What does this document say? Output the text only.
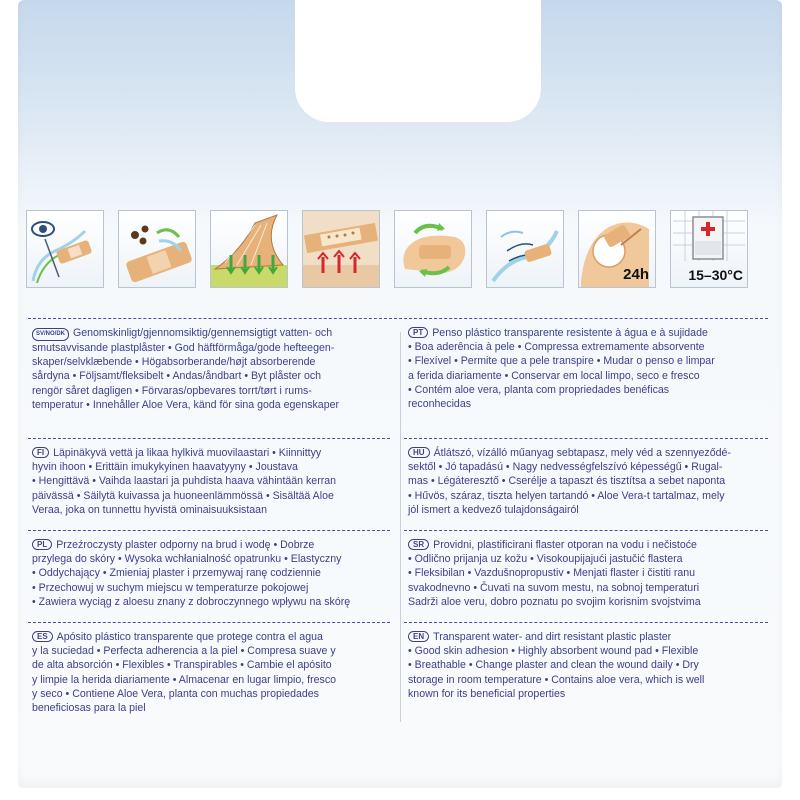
24h	15–30°C

SV/NO/DK Genomskinligt/gjennomsiktig/gennemsigtigt vatten- och

smutsavvisande plastplåster • God häftförmåga/gode hefteegen-

skaper/selvklæbende • Högabsorberande/højt absorberende

sårdyna • Följsamt/fleksibelt • Andas/åndbart • Byt plåster och

rengör såret dagligen • Förvaras/opbevares torrt/tørt i rums-

temperatur • Innehåller Aloe Vera, känd för sina goda egenskaper

FI Läpinäkyvä vettä ja likaa hylkivä muovilaastari • Kiinnittyy

hyvin ihoon • Erittäin imukykyinen haavatyyny • Joustava

• Hengittävä • Vaihda laastari ja puhdista haava vähintään kerran

päivässä • Säilytä kuivassa ja huoneenlämmössä • Sisältää Aloe

Veraa, joka on tunnettu hyvistä ominaisuuksistaan

PL Przeźroczysty plaster odporny na brud i wodę • Dobrze

przylega do skóry • Wysoka wchłanialność opatrunku • Elastyczny

• Oddychający • Zmieniaj plaster i przemywaj ranę codziennie

• Przechowuj w suchym miejscu w temperaturze pokojowej

• Zawiera wyciąg z aloesu znany z dobroczynnego wpływu na skórę

ES Apósito plástico transparente que protege contra el agua

y la suciedad • Perfecta adherencia a la piel • Compresa suave y

de alta absorción • Flexibles • Transpirables • Cambie el apósito

y limpie la herida diariamente • Almacenar en lugar limpio, fresco

y seco • Contiene Aloe Vera, planta con muchas propiedades

beneficiosas para la piel

PT Penso plástico transparente resistente à água e à sujidade

• Boa aderência à pele • Compressa extremamente absorvente

• Flexível • Permite que a pele transpire • Mudar o penso e limpar

a ferida diariamente • Conservar em local limpo, seco e fresco

• Contém aloe vera, planta com propriedades benéficas

reconhecidas

HU Átlátszó, vízálló műanyag sebtapasz, mely véd a szennyeződé-

sektől • Jó tapadású • Nagy nedvességfelszívó képességű • Rugal-

mas • Légáteresztő • Cserélje a tapaszt és tisztítsa a sebet naponta

• Hűvös, száraz, tiszta helyen tartandó • Aloe Vera-t tartalmaz, mely

jól ismert a kedvező tulajdonságairól

SR Providni, plastificirani flaster otporan na vodu i nečistoće

• Odlično prijanja uz kožu • Visokoupijajući jastučić flastera

• Fleksibilan • Vazdušnopropustiv • Menjati flaster i čistiti ranu

svakodnevno • Čuvati na suvom mestu, na sobnoj temperaturi

Sadrži aloe veru, dobro poznatu po svojim korisnim svojstvima

EN Transparent water- and dirt resistant plastic plaster

• Good skin adhesion • Highly absorbent wound pad • Flexible

• Breathable • Change plaster and clean the wound daily • Dry

storage in room temperature • Contains aloe vera, which is well

known for its beneficial properties
